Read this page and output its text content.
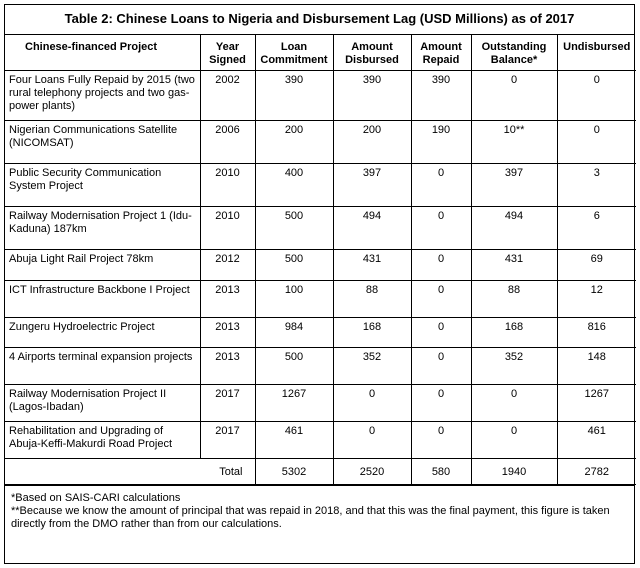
Table 2: Chinese Loans to Nigeria and Disbursement Lag (USD Millions) as of 2017
Chinese-financed Project	Year Signed	Loan Commitment	Amount Disbursed	Amount Repaid	Outstanding Balance*	Undisbursed
Four Loans Fully Repaid by 2015 (two rural telephony projects and two gas-power plants)	2002	390	390	390	0	0
Nigerian Communications Satellite (NICOMSAT)	2006	200	200	190	10**	0
Public Security Communication System Project	2010	400	397	0	397	3
Railway Modernisation Project 1 (Idu-Kaduna) 187km	2010	500	494	0	494	6
Abuja Light Rail Project 78km	2012	500	431	0	431	69
ICT Infrastructure Backbone I Project	2013	100	88	0	88	12
Zungeru Hydroelectric Project	2013	984	168	0	168	816
4 Airports terminal expansion projects	2013	500	352	0	352	148
Railway Modernisation Project II (Lagos-Ibadan)	2017	1267	0	0	0	1267
Rehabilitation and Upgrading of Abuja-Keffi-Makurdi Road Project	2017	461	0	0	0	461
Total		5302	2520	580	1940	2782
*Based on SAIS-CARI calculations
**Because we know the amount of principal that was repaid in 2018, and that this was the final payment, this figure is taken directly from the DMO rather than from our calculations.
